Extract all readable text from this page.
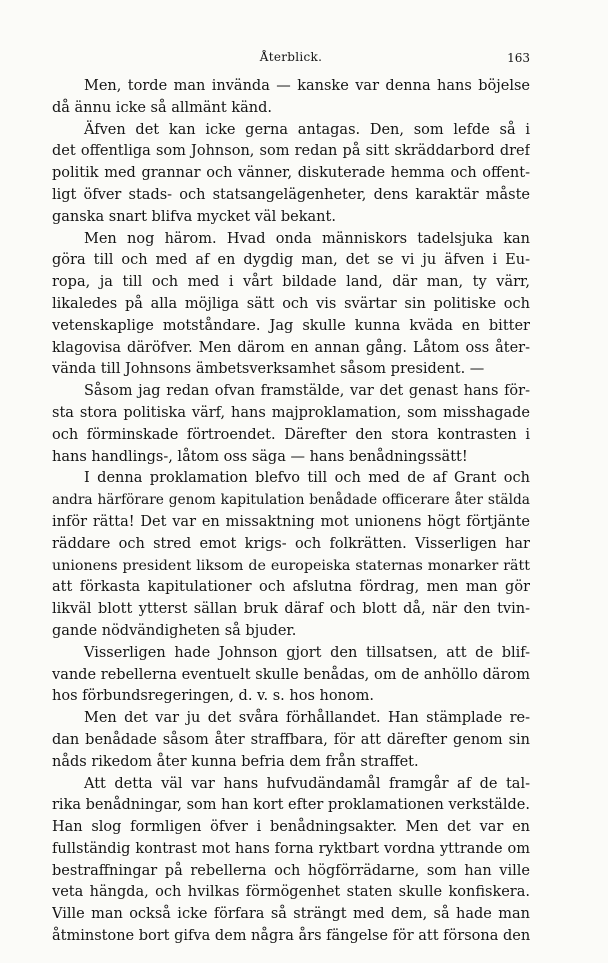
Återblick.	163
Men, torde man invända — kanske var denna hans böjelse
då ännu icke så allmänt känd.
Äfven det kan icke gerna antagas. Den, som lefde så i
det offentliga som Johnson, som redan på sitt skräddarbord dref
politik med grannar och vänner, diskuterade hemma och offent-
ligt öfver stads- och statsangelägenheter, dens karaktär måste
ganska snart blifva mycket väl bekant.
Men nog härom. Hvad onda människors tadelsjuka kan
göra till och med af en dygdig man, det se vi ju äfven i Eu-
ropa, ja till och med i vårt bildade land, där man, ty värr,
likaledes på alla möjliga sätt och vis svärtar sin politiske och
vetenskaplige motståndare. Jag skulle kunna kväda en bitter
klagovisa däröfver. Men därom en annan gång. Låtom oss åter-
vända till Johnsons ämbetsverksamhet såsom president. —
Såsom jag redan ofvan framstälde, var det genast hans för-
sta stora politiska värf, hans majproklamation, som misshagade
och förminskade förtroendet. Därefter den stora kontrasten i
hans handlings-, låtom oss säga — hans benådningssätt!
I denna proklamation blefvo till och med de af Grant och
andra härförare genom kapitulation benådade officerare åter stälda
inför rätta! Det var en missaktning mot unionens högt förtjänte
räddare och stred emot krigs- och folkrätten. Visserligen har
unionens president liksom de europeiska staternas monarker rätt
att förkasta kapitulationer och afslutna fördrag, men man gör
likväl blott ytterst sällan bruk däraf och blott då, när den tvin-
gande nödvändigheten så bjuder.
Visserligen hade Johnson gjort den tillsatsen, att de blif-
vande rebellerna eventuelt skulle benådas, om de anhöllo därom
hos förbundsregeringen, d. v. s. hos honom.
Men det var ju det svåra förhållandet. Han stämplade re-
dan benådade såsom åter straffbara, för att därefter genom sin
nåds rikedom åter kunna befria dem från straffet.
Att detta väl var hans hufvudändamål framgår af de tal-
rika benådningar, som han kort efter proklamationen verkstälde.
Han slog formligen öfver i benådningsakter. Men det var en
fullständig kontrast mot hans forna ryktbart vordna yttrande om
bestraffningar på rebellerna och högförrädarne, som han ville
veta hängda, och hvilkas förmögenhet staten skulle konfiskera.
Ville man också icke förfara så strängt med dem, så hade man
åtminstone bort gifva dem några års fängelse för att försona den
